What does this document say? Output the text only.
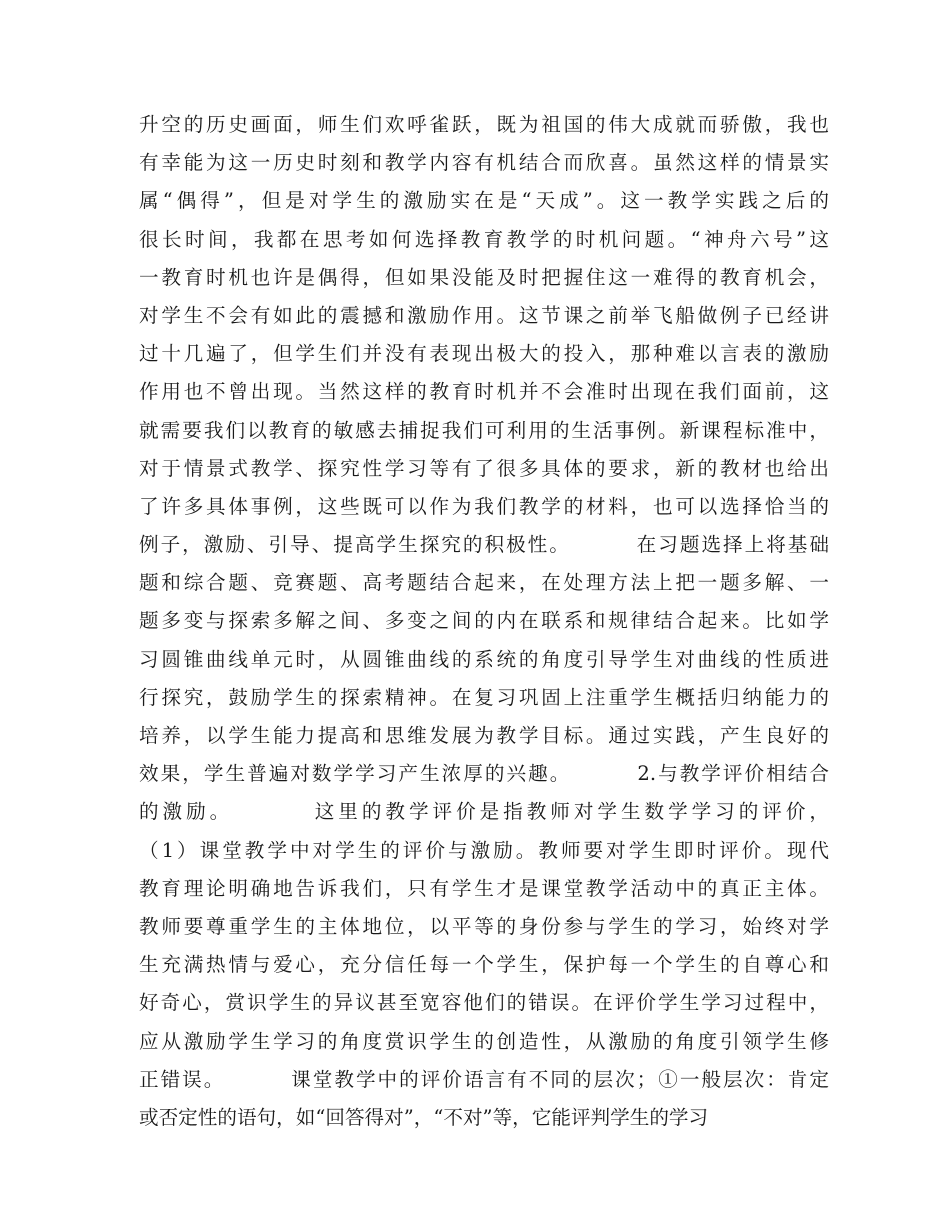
升空的历史画面，师生们欢呼雀跃，既为祖国的伟大成就而骄傲，我也
有幸能为这一历史时刻和教学内容有机结合而欣喜。虽然这样的情景实
属“偶得”，但是对学生的激励实在是“天成”。这一教学实践之后的
很长时间，我都在思考如何选择教育教学的时机问题。“神舟六号”这
一教育时机也许是偶得，但如果没能及时把握住这一难得的教育机会，
对学生不会有如此的震撼和激励作用。这节课之前举飞船做例子已经讲
过十几遍了，但学生们并没有表现出极大的投入，那种难以言表的激励
作用也不曾出现。当然这样的教育时机并不会准时出现在我们面前，这
就需要我们以教育的敏感去捕捉我们可利用的生活事例。新课程标准中，
对于情景式教学、探究性学习等有了很多具体的要求，新的教材也给出
了许多具体事例，这些既可以作为我们教学的材料，也可以选择恰当的
例子，激励、引导、提高学生探究的积极性。        在习题选择上将基础
题和综合题、竞赛题、高考题结合起来，在处理方法上把一题多解、一
题多变与探索多解之间、多变之间的内在联系和规律结合起来。比如学
习圆锥曲线单元时，从圆锥曲线的系统的角度引导学生对曲线的性质进
行探究，鼓励学生的探索精神。在复习巩固上注重学生概括归纳能力的
培养，以学生能力提高和思维发展为教学目标。通过实践，产生良好的
效果，学生普遍对数学学习产生浓厚的兴趣。        2.与教学评价相结合
的激励。        这里的教学评价是指教师对学生数学学习的评价，
（1）课堂教学中对学生的评价与激励。教师要对学生即时评价。现代
教育理论明确地告诉我们，只有学生才是课堂教学活动中的真正主体。
教师要尊重学生的主体地位，以平等的身份参与学生的学习，始终对学
生充满热情与爱心，充分信任每一个学生，保护每一个学生的自尊心和
好奇心，赏识学生的异议甚至宽容他们的错误。在评价学生学习过程中，
应从激励学生学习的角度赏识学生的创造性，从激励的角度引领学生修
正错误。        课堂教学中的评价语言有不同的层次；①一般层次：肯定
或否定性的语句，如“回答得对”，“不对”等，它能评判学生的学习
